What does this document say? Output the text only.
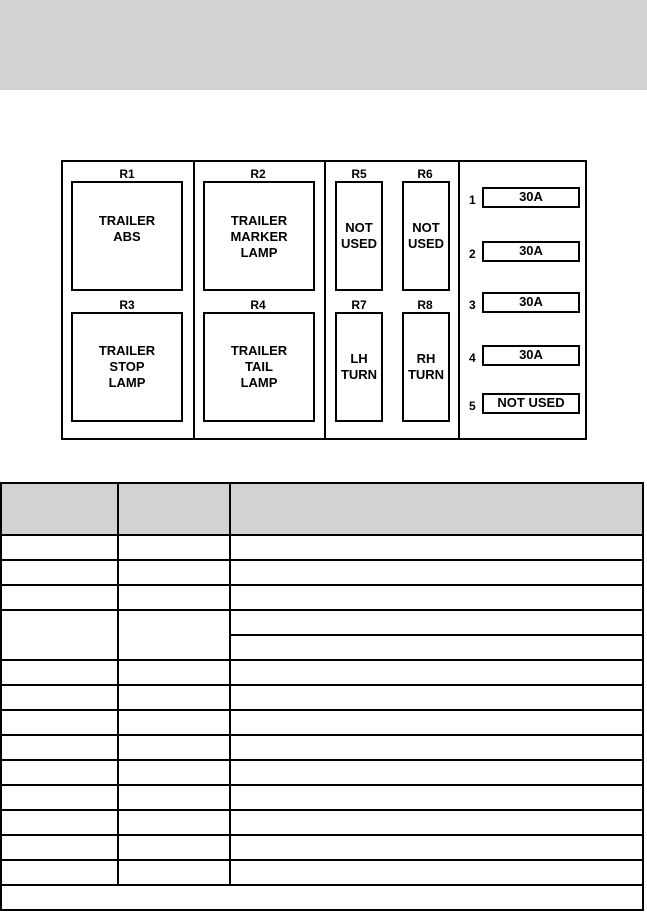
R1
TRAILER
ABS
R2
TRAILER
MARKER
LAMP
R3
TRAILER
STOP
LAMP
R4
TRAILER
TAIL
LAMP
R5
NOT
USED
R6
NOT
USED
R7
LH
TURN
R8
RH
TURN
1	30A
2	30A
3	30A
4	30A
5	NOT USED
